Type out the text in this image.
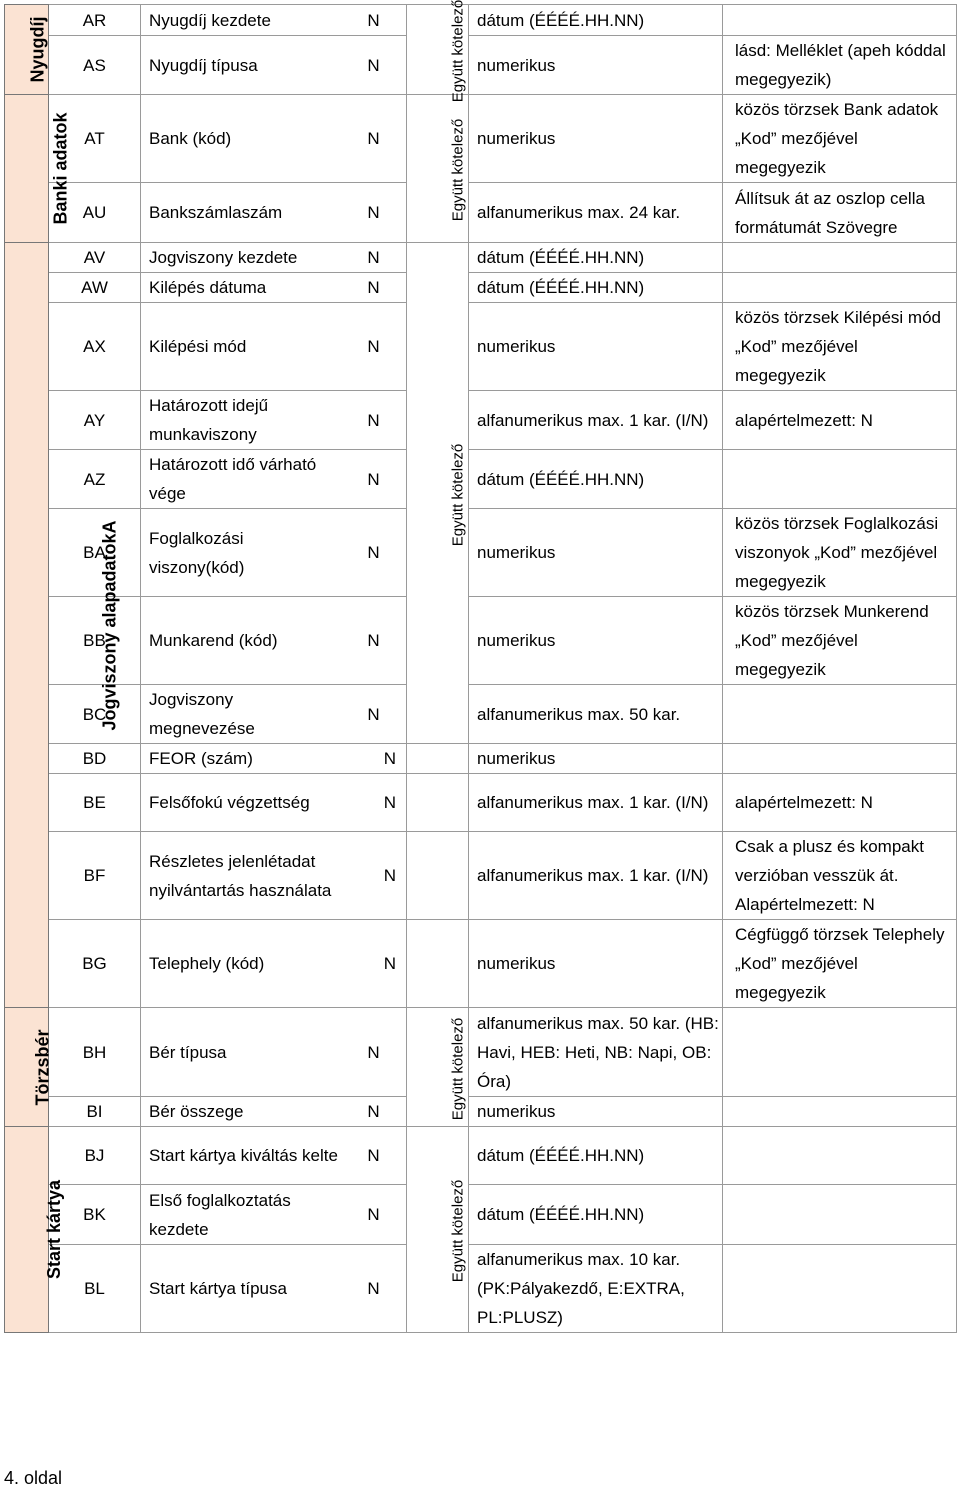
Nyugdíj	AR	Nyugdíj kezdete	N	Együtt kötelező	dátum (ÉÉÉÉ.HH.NN)	
	AS	Nyugdíj típusa	N		numerikus	lásd: Melléklet (apeh kóddal megegyezik)
Banki adatok	AT	Bank (kód)	N	Együtt kötelező	numerikus	közös törzsek Bank adatok „Kod” mezőjével megegyezik
	AU	Bankszámlaszám	N		alfanumerikus max. 24 kar.	Állítsuk át az oszlop cella formátumát Szövegre
Jogviszony alapadatokA	AV	Jogviszony kezdete	N	Együtt kötelező	dátum (ÉÉÉÉ.HH.NN)	
	AW	Kilépés dátuma	N		dátum (ÉÉÉÉ.HH.NN)	
	AX	Kilépési mód	N		numerikus	közös törzsek Kilépési mód „Kod” mezőjével megegyezik
	AY	Határozott idejű munkaviszony	N		alfanumerikus max. 1 kar. (I/N)	alapértelmezett: N
	AZ	Határozott idő várható vége	N		dátum (ÉÉÉÉ.HH.NN)	
	BA	Foglalkozási viszony(kód)	N		numerikus	közös törzsek Foglalkozási viszonyok „Kod” mezőjével megegyezik
	BB	Munkarend (kód)	N		numerikus	közös törzsek Munkerend „Kod” mezőjével megegyezik
	BC	Jogviszony megnevezése	N		alfanumerikus max. 50 kar.	
	BD	FEOR (szám)	N		numerikus	
	BE	Felsőfokú végzettség	N		alfanumerikus max. 1 kar. (I/N)	alapértelmezett: N
	BF	Részletes jelenlétadat nyilvántartás használata	N		alfanumerikus max. 1 kar. (I/N)	Csak a plusz és kompakt verzióban vesszük át. Alapértelmezett: N
	BG	Telephely (kód)	N		numerikus	Cégfüggő törzsek Telephely „Kod” mezőjével megegyezik
Törzsbér	BH	Bér típusa	N	Együtt kötelező	alfanumerikus max. 50 kar. (HB: Havi, HEB: Heti, NB: Napi, OB: Óra)	
	BI	Bér összege	N		numerikus	
Start kártya	BJ	Start kártya kiváltás kelte	N	Együtt kötelező	dátum (ÉÉÉÉ.HH.NN)	
	BK	Első foglalkoztatás kezdete	N		dátum (ÉÉÉÉ.HH.NN)	
	BL	Start kártya típusa	N		alfanumerikus max. 10 kar. (PK:Pályakezdő, E:EXTRA, PL:PLUSZ)	
4. oldal
